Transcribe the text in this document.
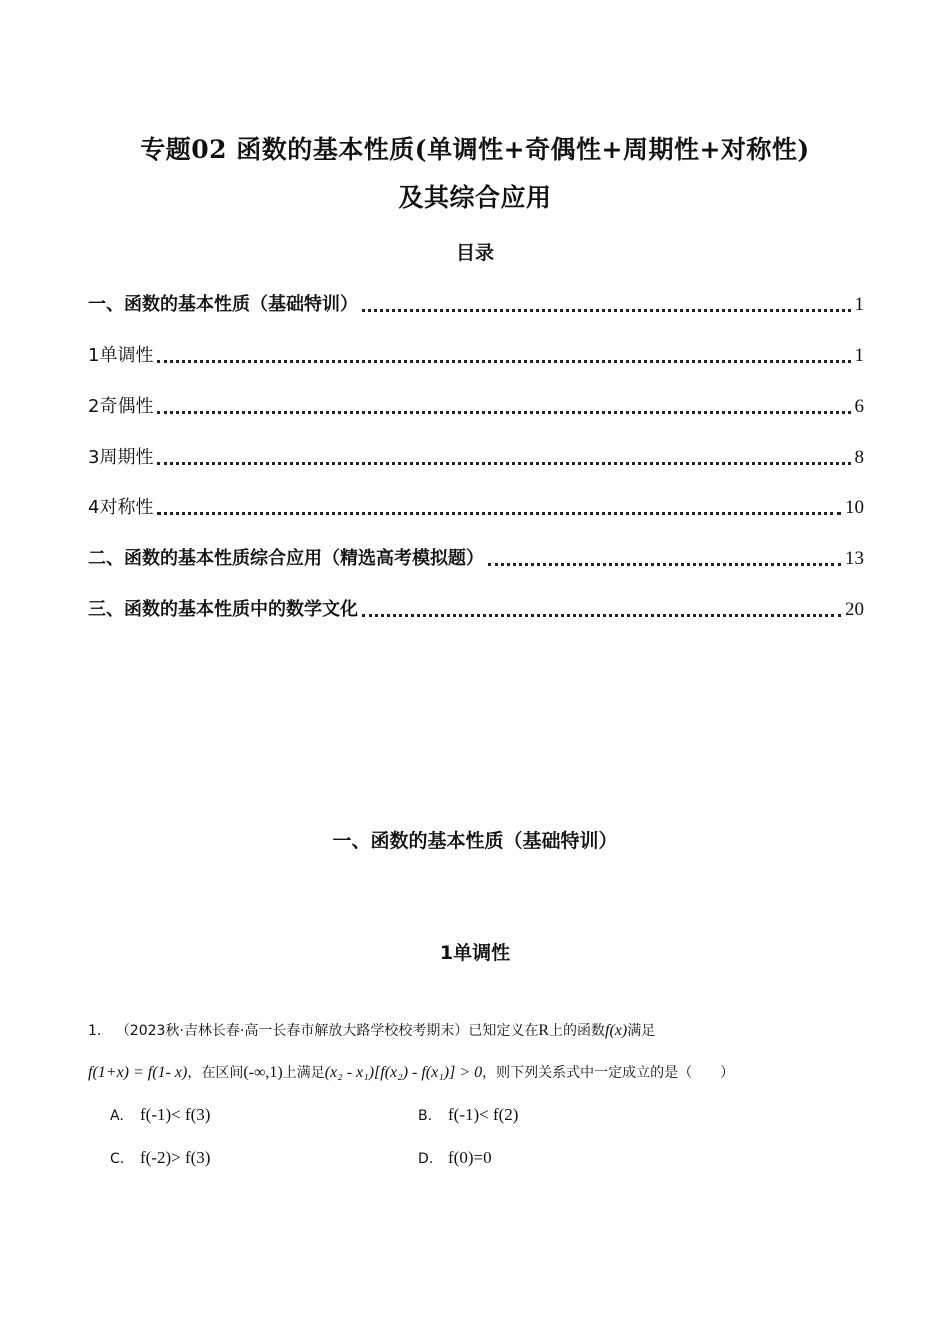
专题02 函数的基本性质(单调性+奇偶性+周期性+对称性)
及其综合应用
目录
一、函数的基本性质（基础特训）	1
1单调性	1
2奇偶性	6
3周期性	8
4对称性	10
二、函数的基本性质综合应用（精选高考模拟题）	13
三、函数的基本性质中的数学文化	20
一、函数的基本性质（基础特训）
1单调性
1. （2023秋·吉林长春·高一长春市解放大路学校校考期末）已知定义在R上的函数f(x)满足
f(1+x) = f(1- x)，在区间(-∞,1)上满足(x₂ - x₁)[f(x₂) - f(x₁)] > 0，则下列关系式中一定成立的是（　　）
A. f(-1)< f(3)	B. f(-1)< f(2)
C. f(-2)> f(3)	D. f(0)=0
